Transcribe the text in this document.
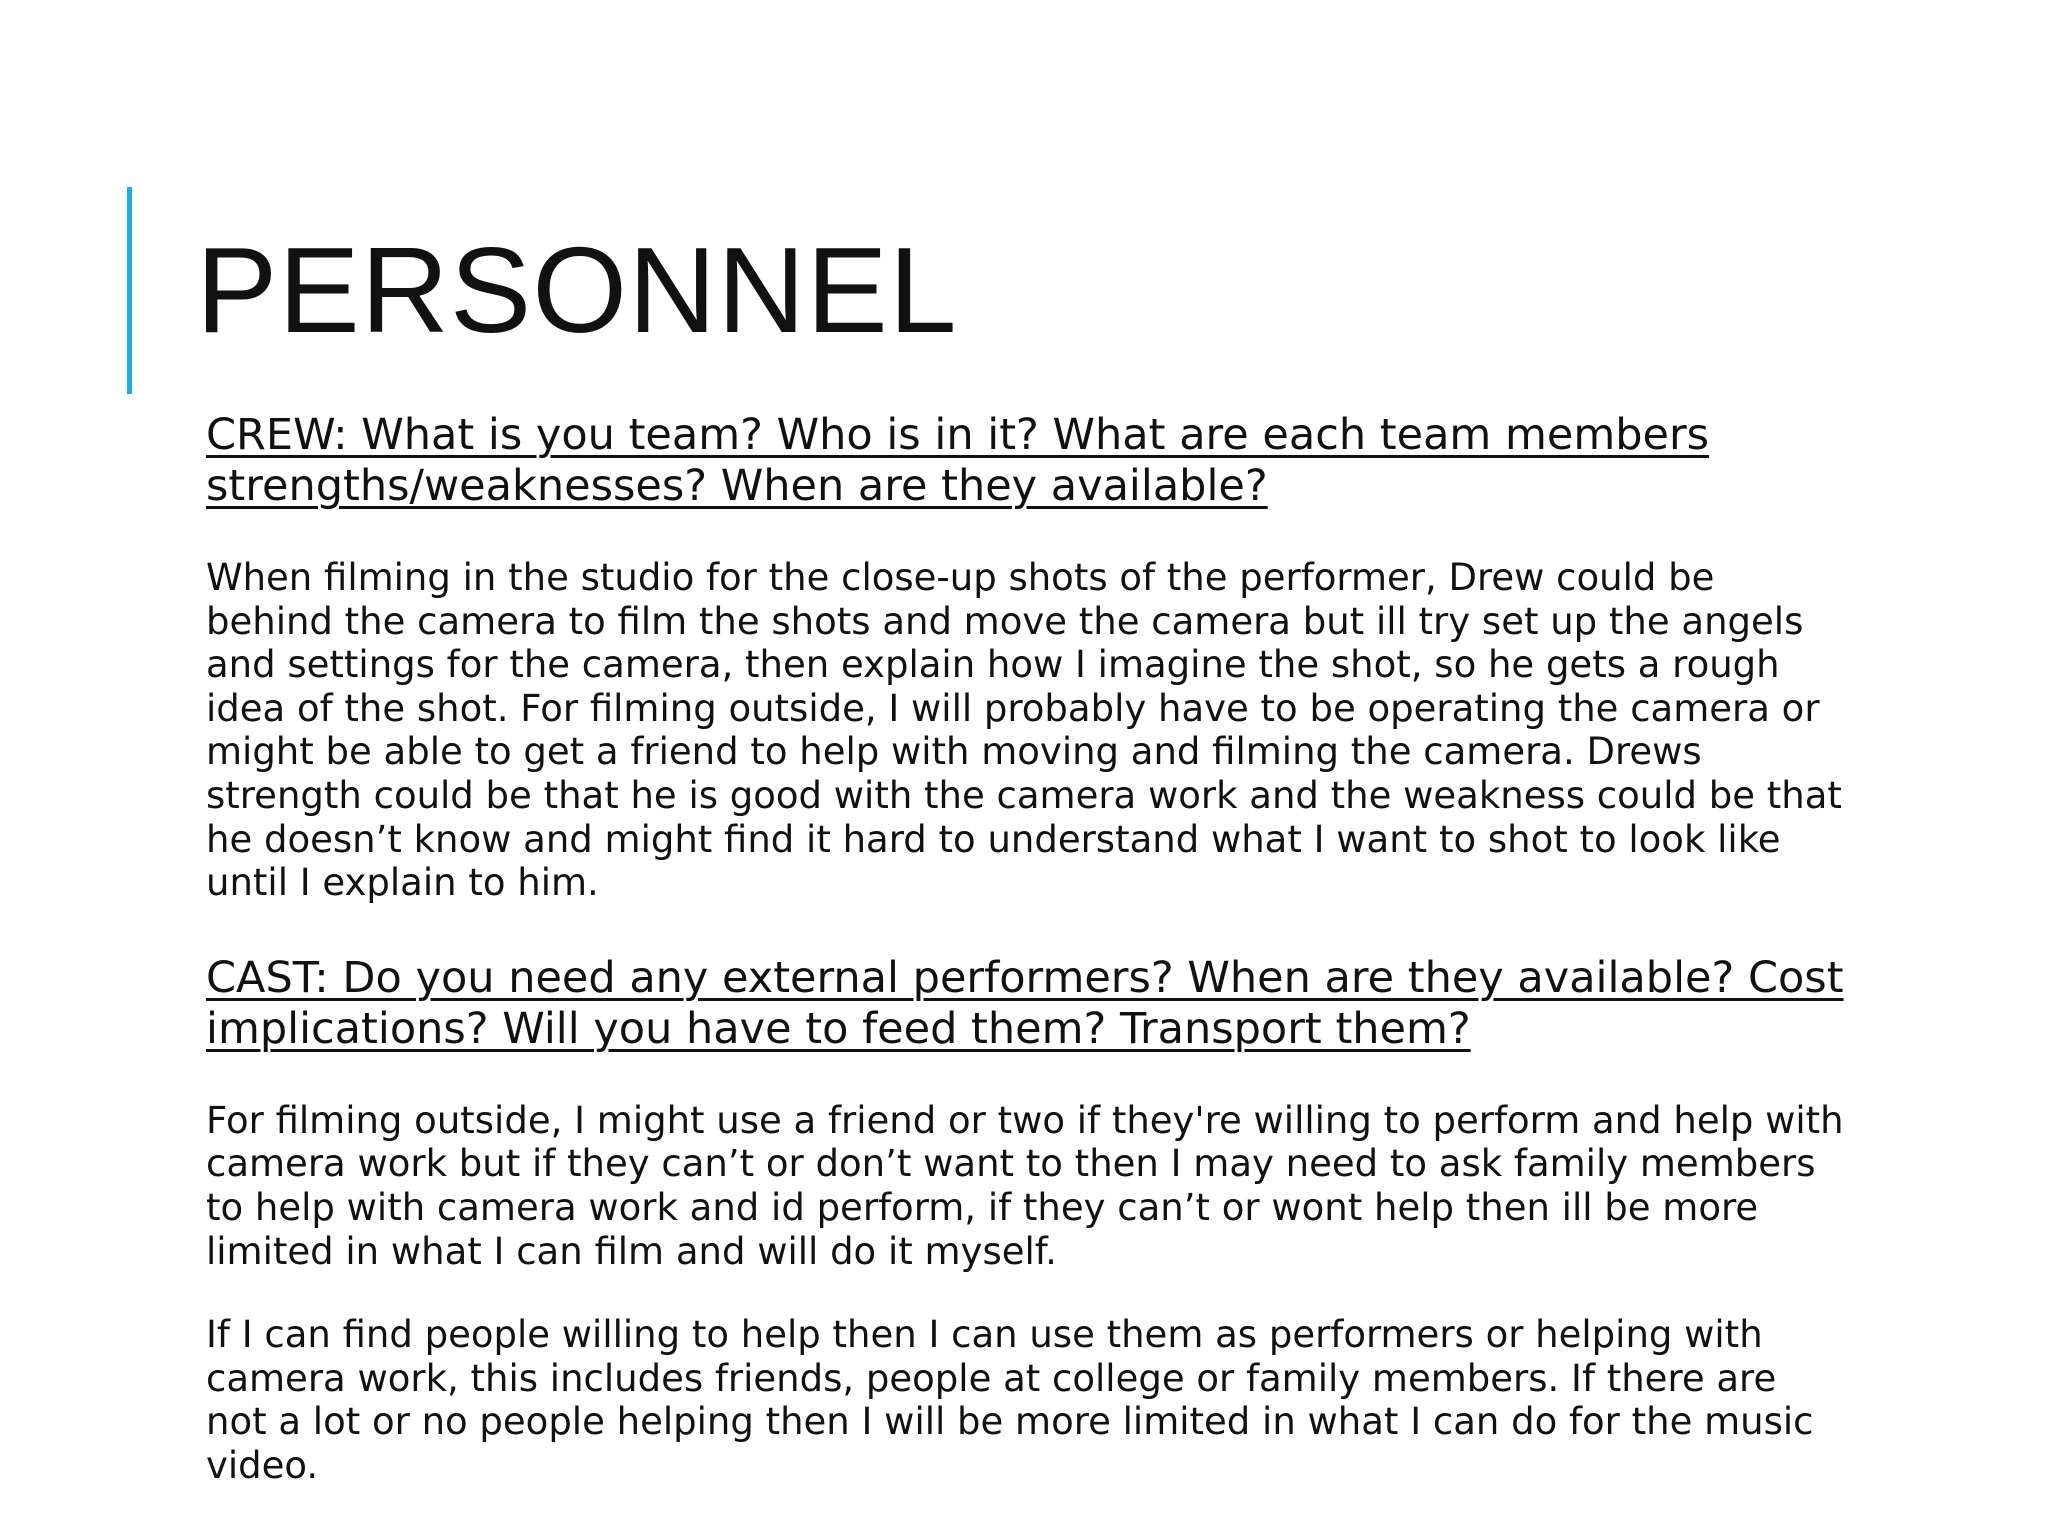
PERSONNEL

CREW: What is you team? Who is in it? What are each team members strengths/weaknesses? When are they available?

When filming in the studio for the close-up shots of the performer, Drew could be behind the camera to film the shots and move the camera but ill try set up the angels and settings for the camera, then explain how I imagine the shot, so he gets a rough idea of the shot. For filming outside, I will probably have to be operating the camera or might be able to get a friend to help with moving and filming the camera. Drews strength could be that he is good with the camera work and the weakness could be that he doesn’t know and might find it hard to understand what I want to shot to look like until I explain to him.

CAST: Do you need any external performers? When are they available? Cost implications? Will you have to feed them? Transport them?

For filming outside, I might use a friend or two if they're willing to perform and help with camera work but if they can’t or don’t want to then I may need to ask family members to help with camera work and id perform, if they can’t or wont help then ill be more limited in what I can film and will do it myself.

If I can find people willing to help then I can use them as performers or helping with camera work, this includes friends, people at college or family members. If there are not a lot or no people helping then I will be more limited in what I can do for the music video.
